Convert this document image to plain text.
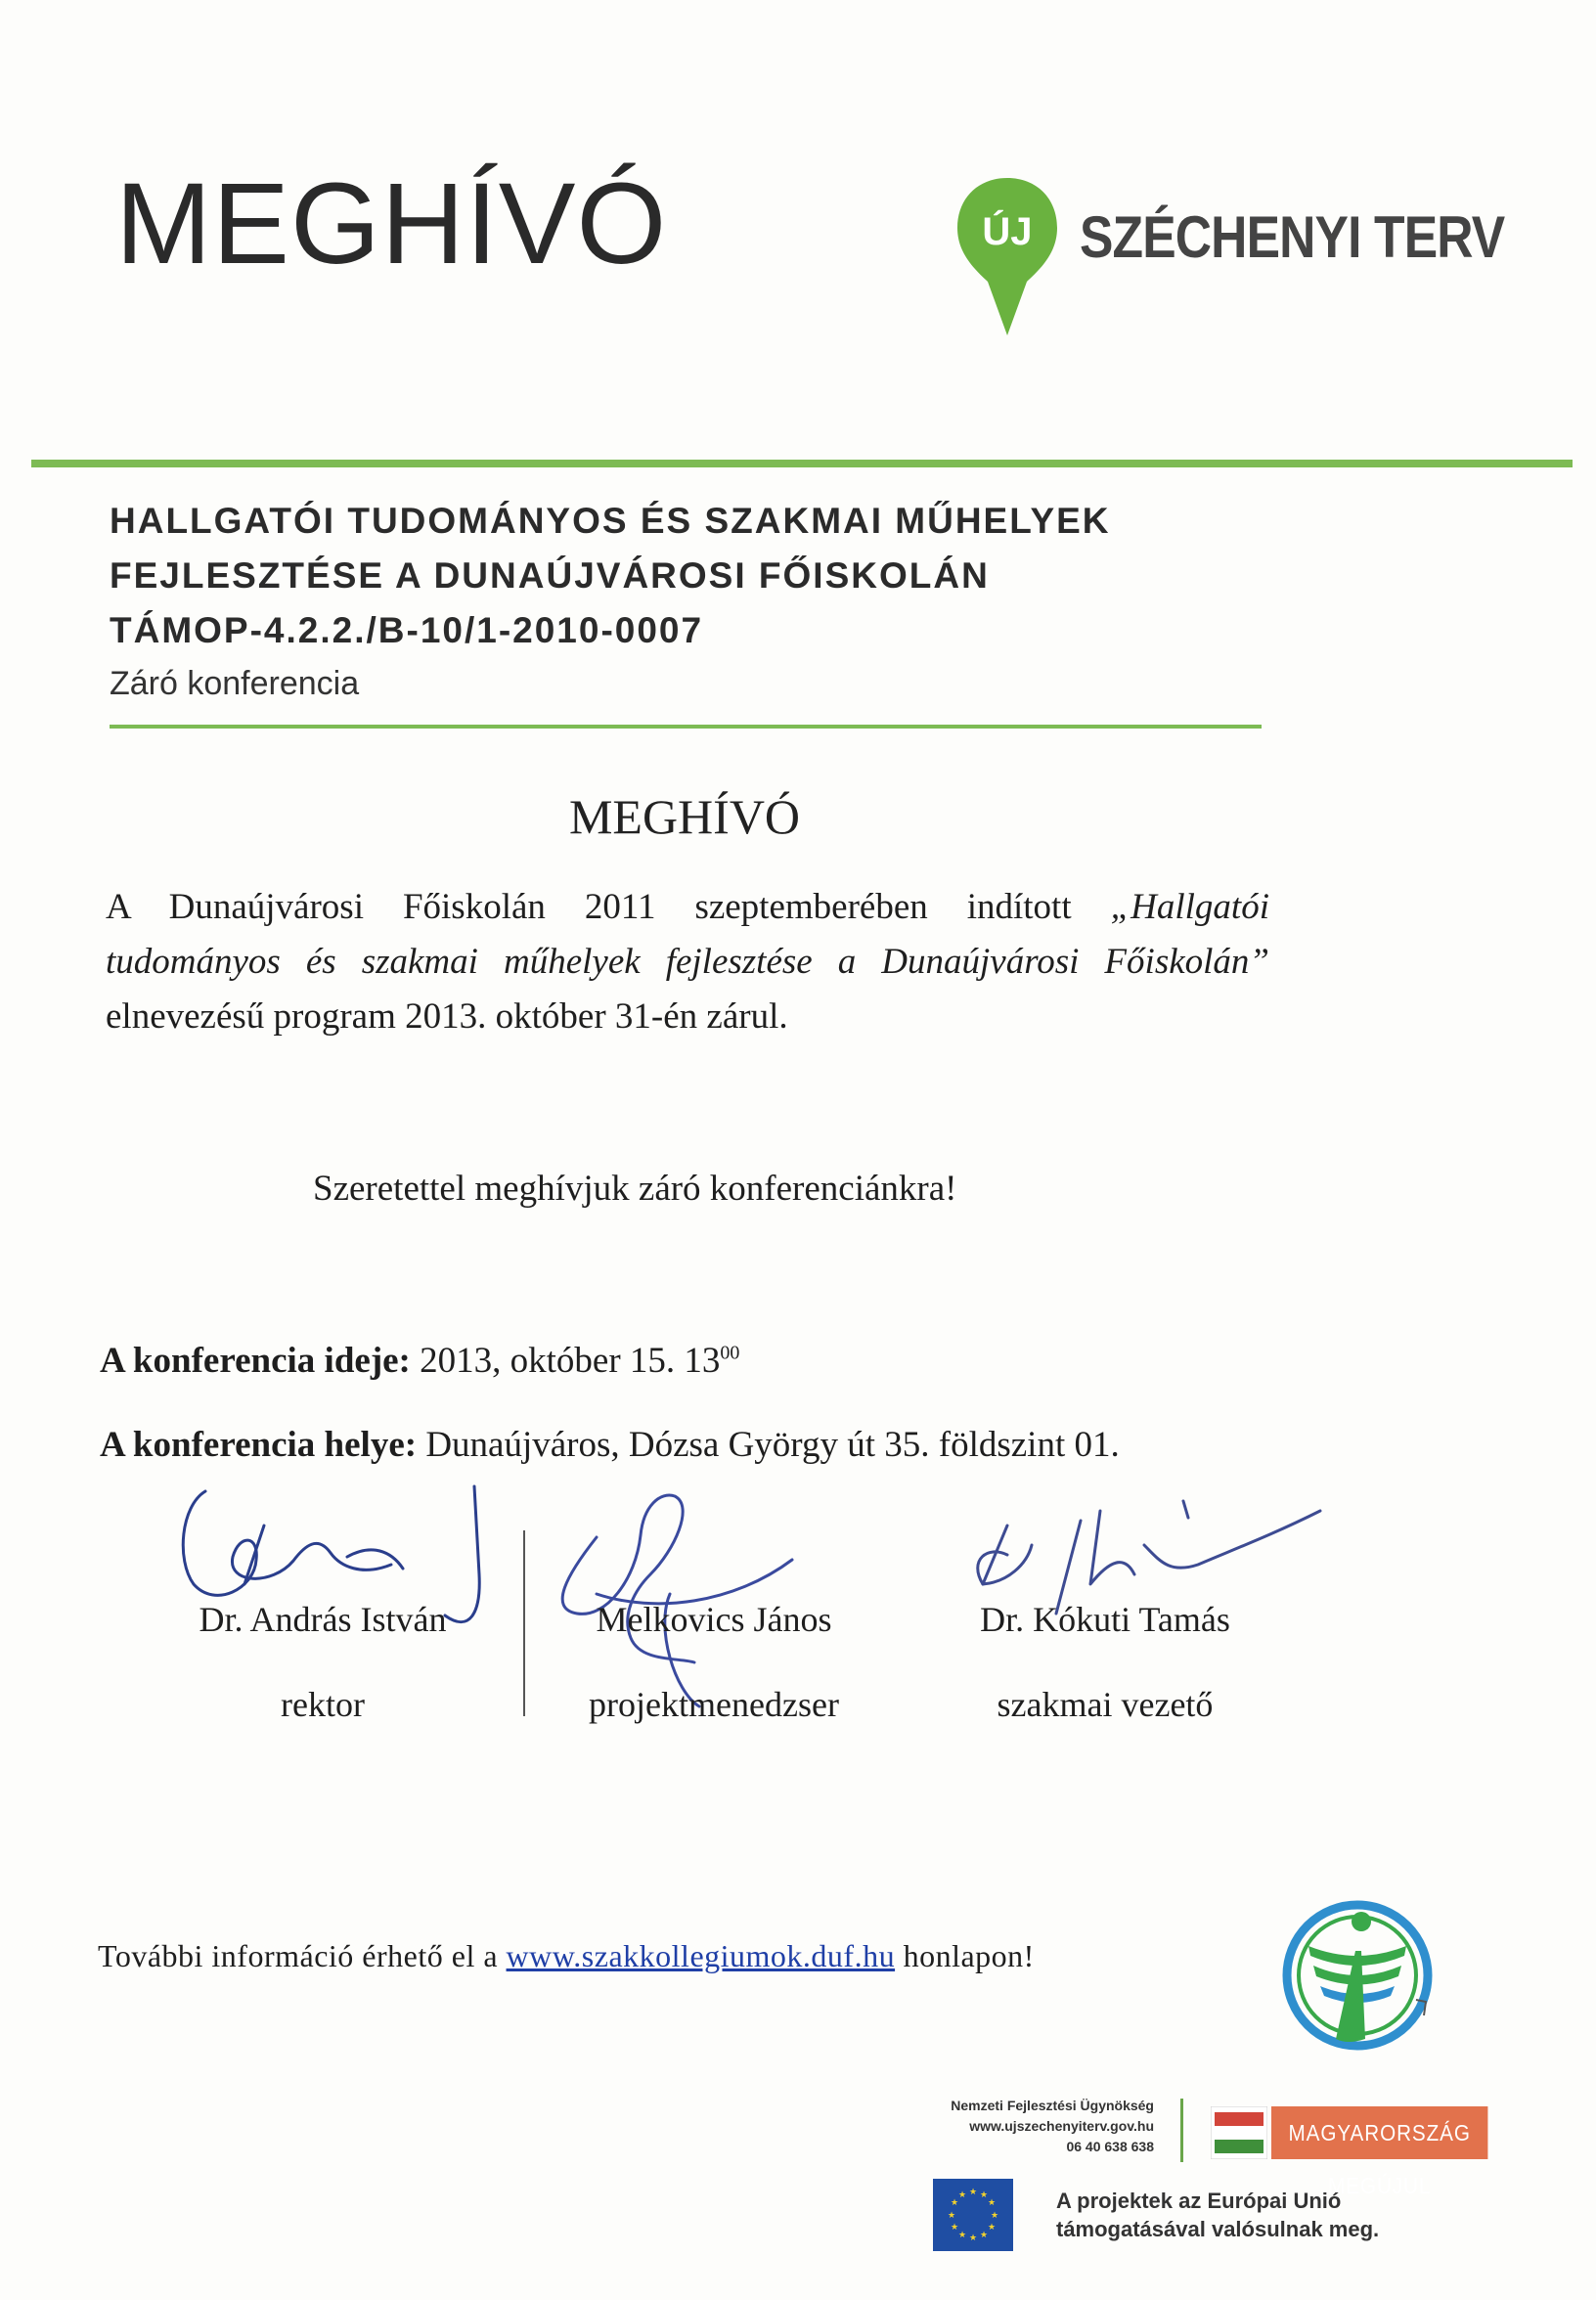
MEGHÍVÓ	ÚJ SZÉCHENYI TERV
HALLGATÓI TUDOMÁNYOS ÉS SZAKMAI MŰHELYEK
FEJLESZTÉSE A DUNAÚJVÁROSI FŐISKOLÁN
TÁMOP-4.2.2./B-10/1-2010-0007
Záró konferencia
MEGHÍVÓ
A Dunaújvárosi Főiskolán 2011 szeptemberében indított „Hallgatói tudományos és szakmai műhelyek fejlesztése a Dunaújvárosi Főiskolán” elnevezésű program 2013. október 31-én zárul.
Szeretettel meghívjuk záró konferenciánkra!
A konferencia ideje: 2013, október 15. $13^{00}$
A konferencia helye: Dunaújváros, Dózsa György út 35. földszint 01.
Dr. András István
rektor
Melkovics János
projektmenedzser
Dr. Kókuti Tamás
szakmai vezető
További információ érhető el a www.szakkollegiumok.duf.hu honlapon!
Nemzeti Fejlesztési Ügynökség
www.ujszechenyiterv.gov.hu
06 40 638 638
MAGYARORSZÁG MEGÚJUL
★ ★
★
★
★
★
★
★
★
★
★
★	A projektek az Európai Unió
támogatásával valósulnak meg.
